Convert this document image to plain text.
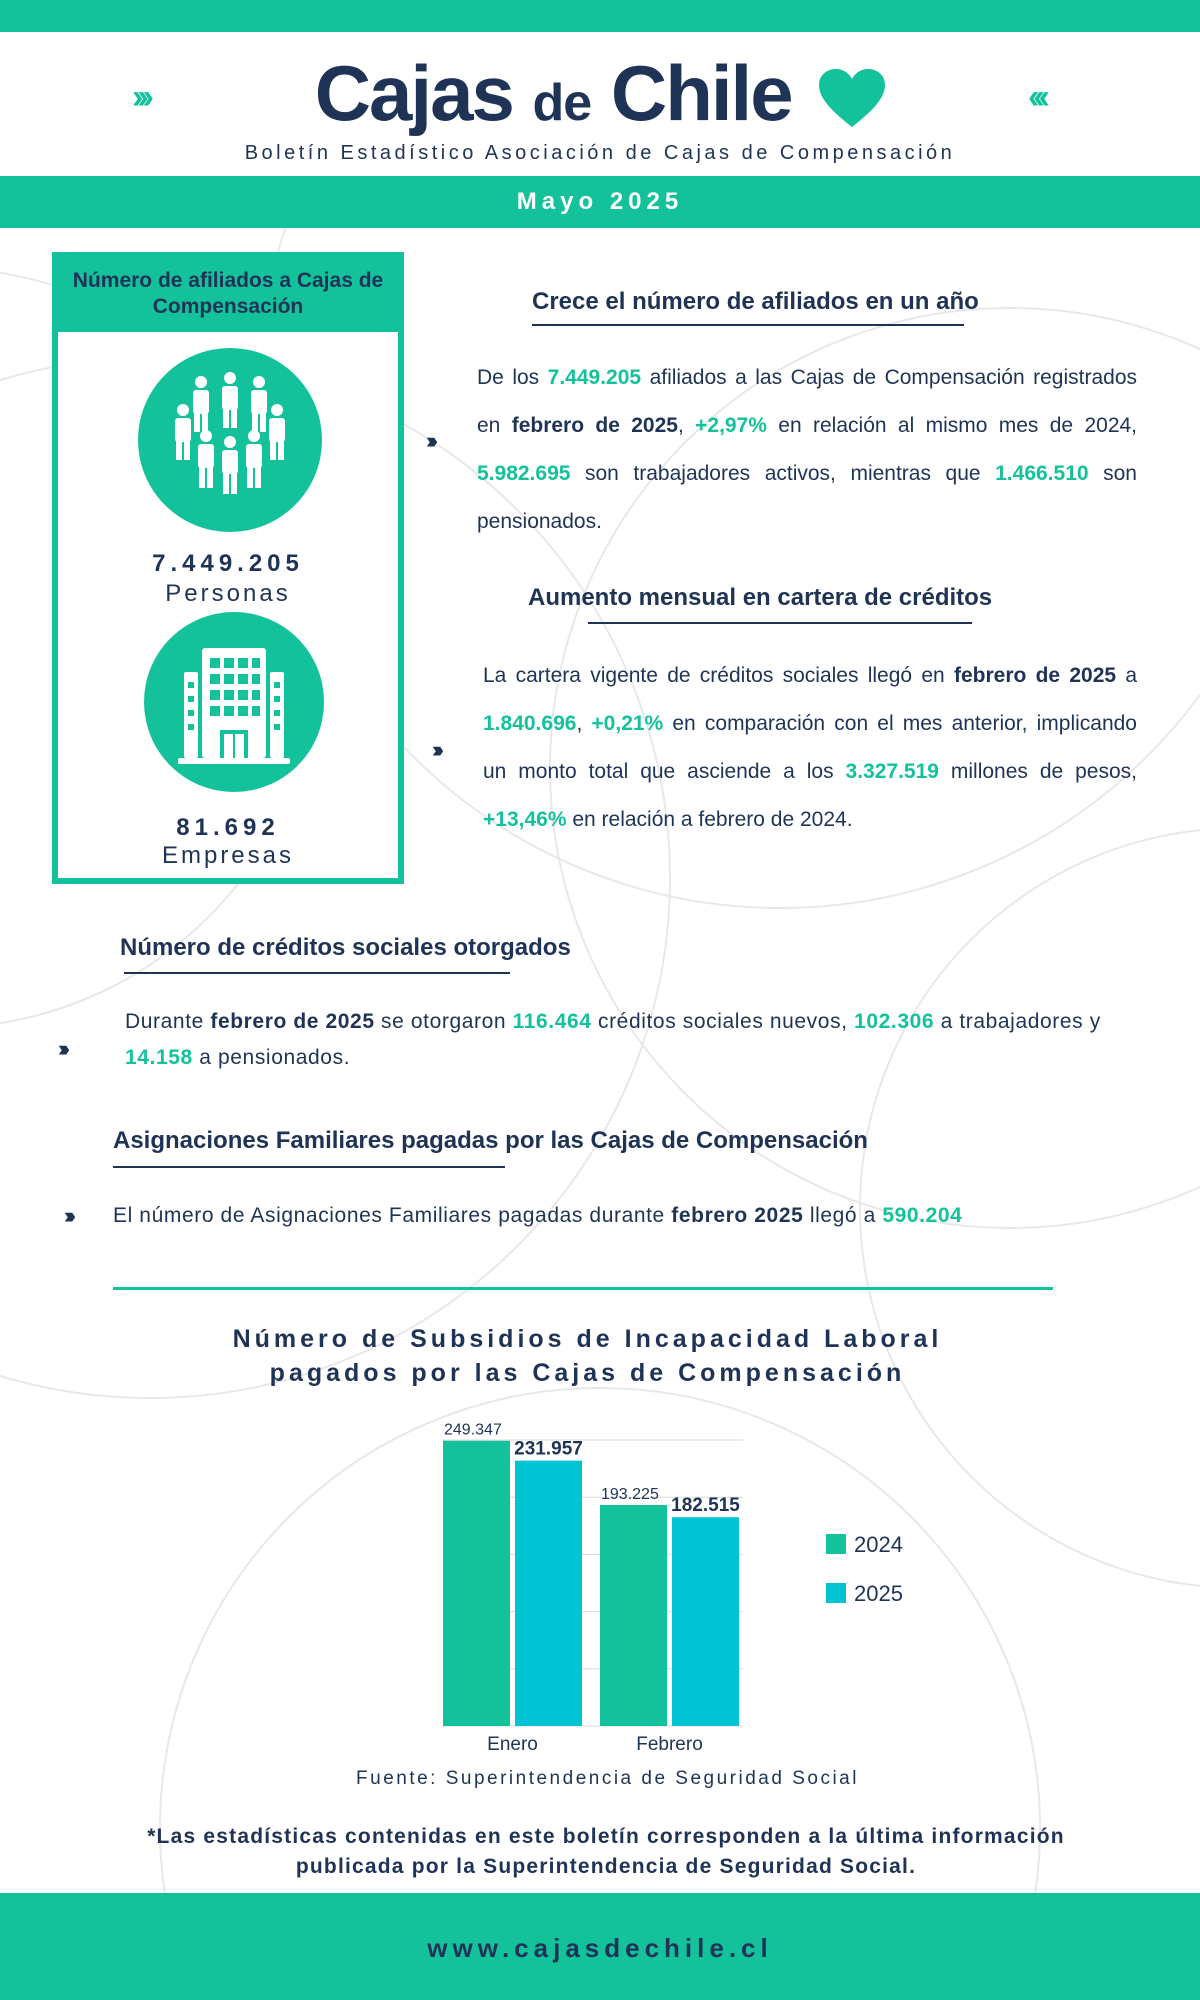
›››	‹‹‹
Cajas de Chile
Boletín Estadístico Asociación de Cajas de Compensación
Mayo 2025
Número de afiliados a Cajas de Compensación
7.449.205
Personas
81.692
Empresas
Crece el número de afiliados en un año
›››
De los 7.449.205 afiliados a las Cajas de Compensación registrados en febrero de 2025, +2,97% en relación al mismo mes de 2024, 5.982.695 son trabajadores activos, mientras que 1.466.510 son pensionados.
Aumento mensual en cartera de créditos
›››
La cartera vigente de créditos sociales llegó en febrero de 2025 a 1.840.696, +0,21% en comparación con el mes anterior, implicando un monto total que asciende a los 3.327.519 millones de pesos, +13,46% en relación a febrero de 2024.
Número de créditos sociales otorgados
›››
Durante febrero de 2025 se otorgaron 116.464 créditos sociales nuevos, 102.306 a trabajadores y 14.158 a pensionados.
Asignaciones Familiares pagadas por las Cajas de Compensación
››› El número de Asignaciones Familiares pagadas durante febrero 2025 llegó a 590.204
Número de Subsidios de Incapacidad Laboral
pagados por las Cajas de Compensación
249.347
231.957
Enero
193.225
182.515
Febrero
2024
2025
Fuente: Superintendencia de Seguridad Social
*Las estadísticas contenidas en este boletín corresponden a la última información
publicada por la Superintendencia de Seguridad Social.
www.cajasdechile.cl
